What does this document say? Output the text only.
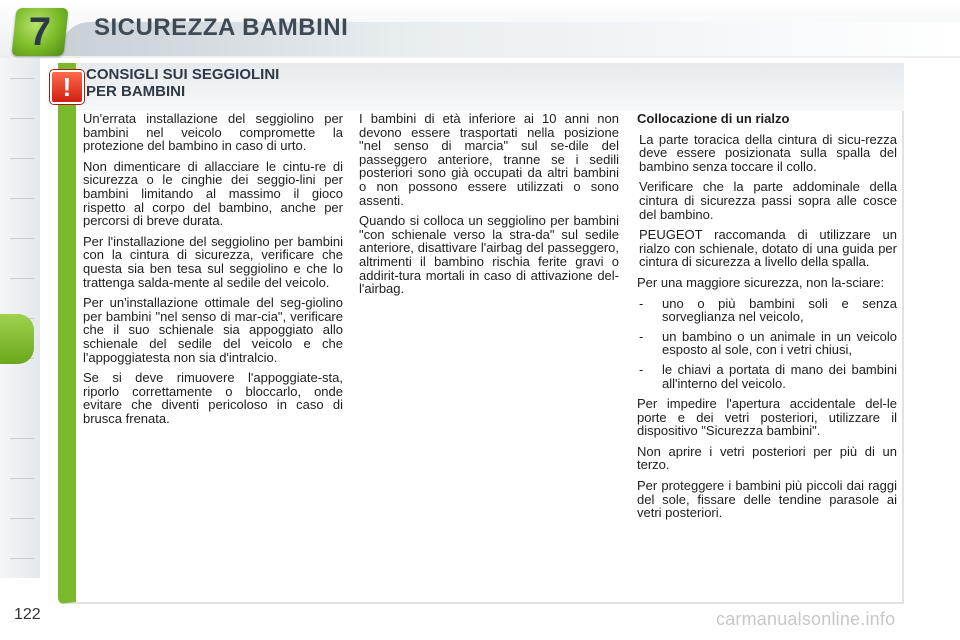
7	SICUREZZA BAMBINI
! CONSIGLI SUI SEGGIOLINI
PER BAMBINI

Un'errata installazione del seggiolino per bambini nel veicolo compromette la protezione del bambino in caso di urto.

Non dimenticare di allacciare le cintu-re di sicurezza o le cinghie dei seggio-lini per bambini limitando al massimo il gioco rispetto al corpo del bambino, anche per percorsi di breve durata.

Per l'installazione del seggiolino per bambini con la cintura di sicurezza, verificare che questa sia ben tesa sul seggiolino e che lo trattenga salda-mente al sedile del veicolo.

Per un'installazione ottimale del seg-giolino per bambini "nel senso di mar-cia", verificare che il suo schienale sia appoggiato allo schienale del sedile del veicolo e che l'appoggiatesta non sia d'intralcio.

Se si deve rimuovere l'appoggiate-sta, riporlo correttamente o bloccarlo, onde evitare che diventi pericoloso in caso di brusca frenata.

I bambini di età inferiore ai 10 anni non devono essere trasportati nella posizione "nel senso di marcia" sul se-dile del passeggero anteriore, tranne se i sedili posteriori sono già occupati da altri bambini o non possono essere utilizzati o sono assenti.

Quando si colloca un seggiolino per bambini "con schienale verso la stra-da" sul sedile anteriore, disattivare l'airbag del passeggero, altrimenti il bambino rischia ferite gravi o addirit-tura mortali in caso di attivazione del-l'airbag.

Collocazione di un rialzo

La parte toracica della cintura di sicu-rezza deve essere posizionata sulla spalla del bambino senza toccare il collo.

Verificare che la parte addominale della cintura di sicurezza passi sopra alle cosce del bambino.

PEUGEOT raccomanda di utilizzare un rialzo con schienale, dotato di una guida per cintura di sicurezza a livello della spalla.

Per una maggiore sicurezza, non la-sciare:

- uno o più bambini soli e senza sorveglianza nel veicolo,
- un bambino o un animale in un veicolo esposto al sole, con i vetri chiusi,
- le chiavi a portata di mano dei bambini all'interno del veicolo.

Per impedire l'apertura accidentale del-le porte e dei vetri posteriori, utilizzare il dispositivo "Sicurezza bambini".

Non aprire i vetri posteriori per più di un terzo.

Per proteggere i bambini più piccoli dai raggi del sole, fissare delle tendine parasole ai vetri posteriori.

122	carmanualsonline.info
